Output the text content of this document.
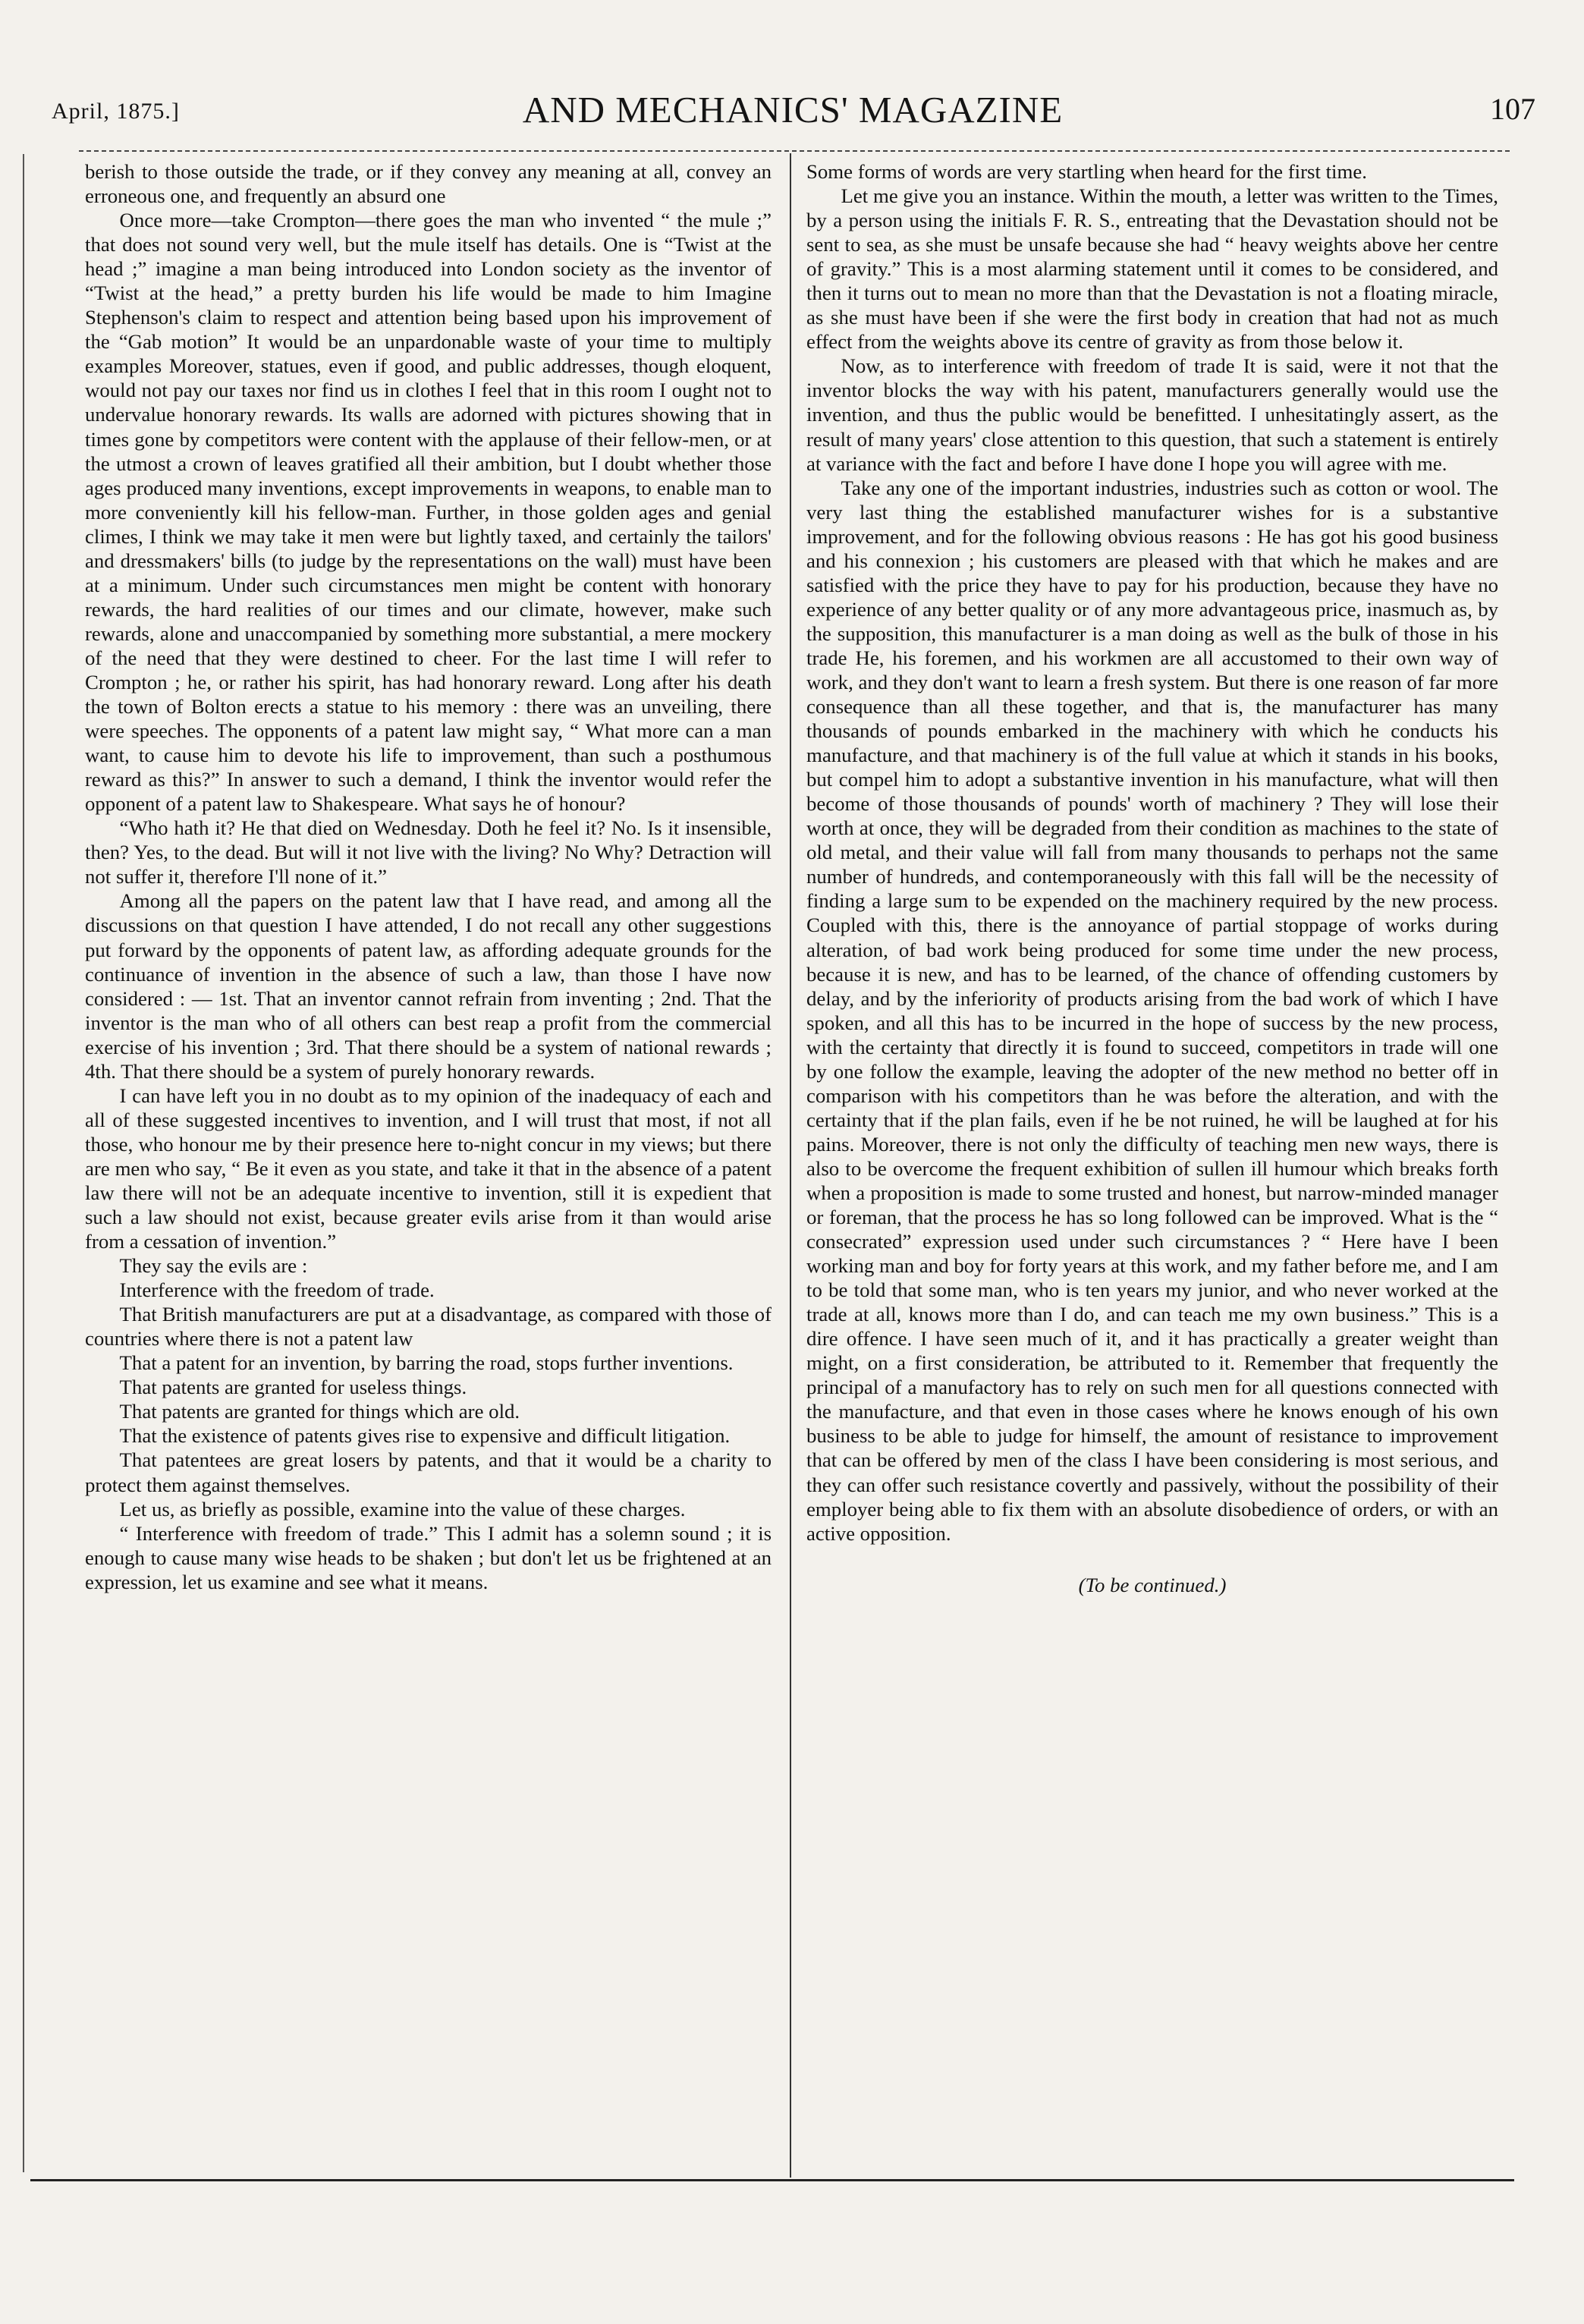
April, 1875.]	AND MECHANICS' MAGAZINE	107

berish to those outside the trade, or if they convey any meaning at all, convey an erroneous one, and frequently an absurd one

Once more—take Crompton—there goes the man who invented “ the mule ;” that does not sound very well, but the mule itself has details. One is “Twist at the head ;” imagine a man being introduced into London society as the inventor of “Twist at the head,” a pretty burden his life would be made to him Imagine Stephenson's claim to respect and attention being based upon his improvement of the “Gab motion” It would be an unpardonable waste of your time to multiply examples Moreover, statues, even if good, and public addresses, though eloquent, would not pay our taxes nor find us in clothes I feel that in this room I ought not to undervalue honorary rewards. Its walls are adorned with pictures showing that in times gone by competitors were content with the applause of their fellow-men, or at the utmost a crown of leaves gratified all their ambition, but I doubt whether those ages produced many inventions, except improvements in weapons, to enable man to more conveniently kill his fellow-man. Further, in those golden ages and genial climes, I think we may take it men were but lightly taxed, and certainly the tailors' and dressmakers' bills (to judge by the representations on the wall) must have been at a minimum. Under such circumstances men might be content with honorary rewards, the hard realities of our times and our climate, however, make such rewards, alone and unaccompanied by something more substantial, a mere mockery of the need that they were destined to cheer. For the last time I will refer to Crompton ; he, or rather his spirit, has had honorary reward. Long after his death the town of Bolton erects a statue to his memory : there was an unveiling, there were speeches. The opponents of a patent law might say, “ What more can a man want, to cause him to devote his life to improvement, than such a posthumous reward as this?” In answer to such a demand, I think the inventor would refer the opponent of a patent law to Shakespeare. What says he of honour?

“Who hath it? He that died on Wednesday. Doth he feel it? No. Is it insensible, then? Yes, to the dead. But will it not live with the living? No Why? Detraction will not suffer it, therefore I'll none of it.”

Among all the papers on the patent law that I have read, and among all the discussions on that question I have attended, I do not recall any other suggestions put forward by the opponents of patent law, as affording adequate grounds for the continuance of invention in the absence of such a law, than those I have now considered : — 1st. That an inventor cannot refrain from inventing ; 2nd. That the inventor is the man who of all others can best reap a profit from the commercial exercise of his invention ; 3rd. That there should be a system of national rewards ; 4th. That there should be a system of purely honorary rewards.

I can have left you in no doubt as to my opinion of the inadequacy of each and all of these suggested incentives to invention, and I will trust that most, if not all those, who honour me by their presence here to-night concur in my views; but there are men who say, “ Be it even as you state, and take it that in the absence of a patent law there will not be an adequate incentive to invention, still it is expedient that such a law should not exist, because greater evils arise from it than would arise from a cessation of invention.”

They say the evils are :

Interference with the freedom of trade.

That British manufacturers are put at a disadvantage, as compared with those of countries where there is not a patent law

That a patent for an invention, by barring the road, stops further inventions.

That patents are granted for useless things.

That patents are granted for things which are old.

That the existence of patents gives rise to expensive and difficult litigation.

That patentees are great losers by patents, and that it would be a charity to protect them against themselves.

Let us, as briefly as possible, examine into the value of these charges.

“ Interference with freedom of trade.” This I admit has a solemn sound ; it is enough to cause many wise heads to be shaken ; but don't let us be frightened at an expression, let us examine and see what it means.

Some forms of words are very startling when heard for the first time.

Let me give you an instance. Within the mouth, a letter was written to the Times, by a person using the initials F. R. S., entreating that the Devastation should not be sent to sea, as she must be unsafe because she had “ heavy weights above her centre of gravity.” This is a most alarming statement until it comes to be considered, and then it turns out to mean no more than that the Devastation is not a floating miracle, as she must have been if she were the first body in creation that had not as much effect from the weights above its centre of gravity as from those below it.

Now, as to interference with freedom of trade It is said, were it not that the inventor blocks the way with his patent, manufacturers generally would use the invention, and thus the public would be benefitted. I unhesitatingly assert, as the result of many years' close attention to this question, that such a statement is entirely at variance with the fact and before I have done I hope you will agree with me.

Take any one of the important industries, industries such as cotton or wool. The very last thing the established manufacturer wishes for is a substantive improvement, and for the following obvious reasons : He has got his good business and his connexion ; his customers are pleased with that which he makes and are satisfied with the price they have to pay for his production, because they have no experience of any better quality or of any more advantageous price, inasmuch as, by the supposition, this manufacturer is a man doing as well as the bulk of those in his trade He, his foremen, and his workmen are all accustomed to their own way of work, and they don't want to learn a fresh system. But there is one reason of far more consequence than all these together, and that is, the manufacturer has many thousands of pounds embarked in the machinery with which he conducts his manufacture, and that machinery is of the full value at which it stands in his books, but compel him to adopt a substantive invention in his manufacture, what will then become of those thousands of pounds' worth of machinery ? They will lose their worth at once, they will be degraded from their condition as machines to the state of old metal, and their value will fall from many thousands to perhaps not the same number of hundreds, and contemporaneously with this fall will be the necessity of finding a large sum to be expended on the machinery required by the new process. Coupled with this, there is the annoyance of partial stoppage of works during alteration, of bad work being produced for some time under the new process, because it is new, and has to be learned, of the chance of offending customers by delay, and by the inferiority of products arising from the bad work of which I have spoken, and all this has to be incurred in the hope of success by the new process, with the certainty that directly it is found to succeed, competitors in trade will one by one follow the example, leaving the adopter of the new method no better off in comparison with his competitors than he was before the alteration, and with the certainty that if the plan fails, even if he be not ruined, he will be laughed at for his pains. Moreover, there is not only the difficulty of teaching men new ways, there is also to be overcome the frequent exhibition of sullen ill humour which breaks forth when a proposition is made to some trusted and honest, but narrow-minded manager or foreman, that the process he has so long followed can be improved. What is the “ consecrated” expression used under such circumstances ? “ Here have I been working man and boy for forty years at this work, and my father before me, and I am to be told that some man, who is ten years my junior, and who never worked at the trade at all, knows more than I do, and can teach me my own business.” This is a dire offence. I have seen much of it, and it has practically a greater weight than might, on a first consideration, be attributed to it. Remember that frequently the principal of a manufactory has to rely on such men for all questions connected with the manufacture, and that even in those cases where he knows enough of his own business to be able to judge for himself, the amount of resistance to improvement that can be offered by men of the class I have been considering is most serious, and they can offer such resistance covertly and passively, without the possibility of their employer being able to fix them with an absolute disobedience of orders, or with an active opposition.

(To be continued.)
